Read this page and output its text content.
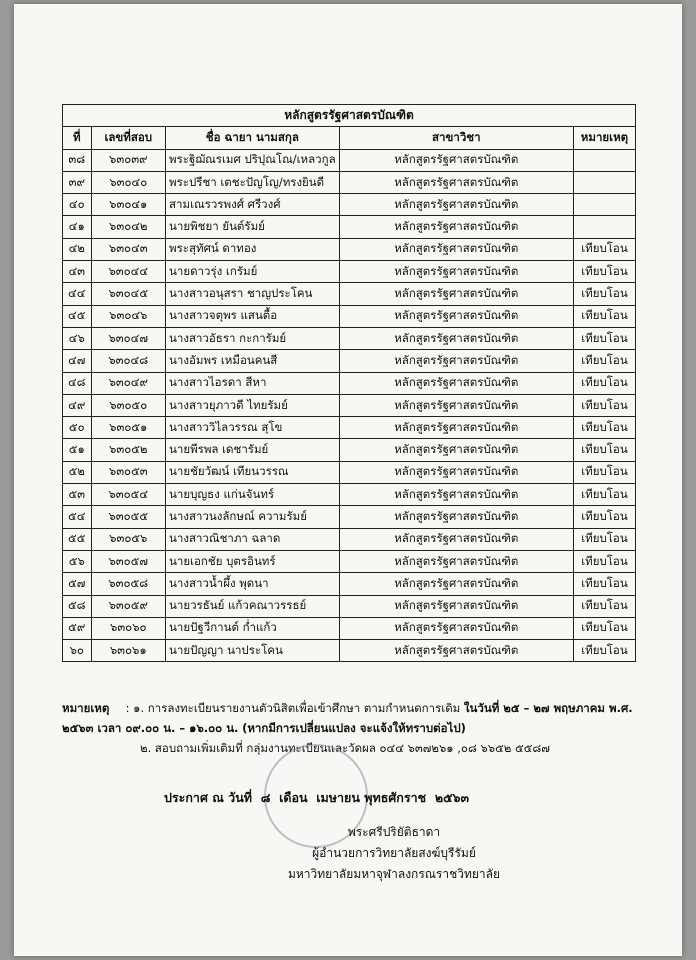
หลักสูตรรัฐศาสตรบัณฑิต				
ที่	เลขที่สอบ	ชื่อ ฉายา นามสกุล	สาขาวิชา	หมายเหตุ
๓๘	๖๓๐๓๙	พระฐิฌัณรเมศ ปริปุณโณ/เหลวกูล	หลักสูตรรัฐศาสตรบัณฑิต	
๓๙	๖๓๐๔๐	พระปรีชา เตชะปัญโญ/ทรงยินดี	หลักสูตรรัฐศาสตรบัณฑิต	
๔๐	๖๓๐๔๑	สามเณรวรพงศ์ ศรีวงศ์	หลักสูตรรัฐศาสตรบัณฑิต	
๔๑	๖๓๐๔๒	นายพิชยา ยันต์รัมย์	หลักสูตรรัฐศาสตรบัณฑิต	
๔๒	๖๓๐๔๓	พระสุทัศน์ ดาทอง	หลักสูตรรัฐศาสตรบัณฑิต	เทียบโอน
๔๓	๖๓๐๔๔	นายดาวรุ่ง เกรัมย์	หลักสูตรรัฐศาสตรบัณฑิต	เทียบโอน
๔๔	๖๓๐๔๕	นางสาวอนุสรา ชาญประโคน	หลักสูตรรัฐศาสตรบัณฑิต	เทียบโอน
๔๕	๖๓๐๔๖	นางสาวจตุพร แสนตื้อ	หลักสูตรรัฐศาสตรบัณฑิต	เทียบโอน
๔๖	๖๓๐๔๗	นางสาวอัธรา กะการัมย์	หลักสูตรรัฐศาสตรบัณฑิต	เทียบโอน
๔๗	๖๓๐๔๘	นางอัมพร เหมือนคนสี	หลักสูตรรัฐศาสตรบัณฑิต	เทียบโอน
๔๘	๖๓๐๔๙	นางสาวไอรดา สีหา	หลักสูตรรัฐศาสตรบัณฑิต	เทียบโอน
๔๙	๖๓๐๕๐	นางสาวยุภาวดี ไทยรัมย์	หลักสูตรรัฐศาสตรบัณฑิต	เทียบโอน
๕๐	๖๓๐๕๑	นางสาววิไลวรรณ สุโข	หลักสูตรรัฐศาสตรบัณฑิต	เทียบโอน
๕๑	๖๓๐๕๒	นายพีรพล เดชารัมย์	หลักสูตรรัฐศาสตรบัณฑิต	เทียบโอน
๕๒	๖๓๐๕๓	นายชัยวัฒน์ เทียนวรรณ	หลักสูตรรัฐศาสตรบัณฑิต	เทียบโอน
๕๓	๖๓๐๕๔	นายบุญธง แก่นจันทร์	หลักสูตรรัฐศาสตรบัณฑิต	เทียบโอน
๕๔	๖๓๐๕๕	นางสาวนงลักษณ์ ความรัมย์	หลักสูตรรัฐศาสตรบัณฑิต	เทียบโอน
๕๕	๖๓๐๕๖	นางสาวณิชาภา ฉลาด	หลักสูตรรัฐศาสตรบัณฑิต	เทียบโอน
๕๖	๖๓๐๕๗	นายเอกชัย บุตรอินทร์	หลักสูตรรัฐศาสตรบัณฑิต	เทียบโอน
๕๗	๖๓๐๕๘	นางสาวน้ำผึ้ง พุดนา	หลักสูตรรัฐศาสตรบัณฑิต	เทียบโอน
๕๘	๖๓๐๕๙	นายวรธันย์ แก้วคณาวรรธย์	หลักสูตรรัฐศาสตรบัณฑิต	เทียบโอน
๕๙	๖๓๐๖๐	นายปัฐวีกานต์ ก่ำแก้ว	หลักสูตรรัฐศาสตรบัณฑิต	เทียบโอน
๖๐	๖๓๐๖๑	นายปัญญา นาประโคน	หลักสูตรรัฐศาสตรบัณฑิต	เทียบโอน
หมายเหตุ : ๑. การลงทะเบียนรายงานตัวนิสิตเพื่อเข้าศึกษา ตามกำหนดการเดิม ในวันที่ ๒๕ – ๒๗ พฤษภาคม พ.ศ.
๒๕๖๓ เวลา ๐๙.๐๐ น. – ๑๖.๐๐ น. (หากมีการเปลี่ยนแปลง จะแจ้งให้ทราบต่อไป)
๒. สอบถามเพิ่มเติมที่ กลุ่มงานทะเบียนและวัดผล ๐๔๔ ๖๓๗๒๖๑ ,๐๘ ๖๖๕๒ ๕๕๘๗
ประกาศ ณ วันที่ ๘ เดือน เมษายน พุทธศักราช ๒๕๖๓
พระศรีปริยัติธาดา
ผู้อำนวยการวิทยาลัยสงฆ์บุรีรัมย์
มหาวิทยาลัยมหาจุฬาลงกรณราชวิทยาลัย
